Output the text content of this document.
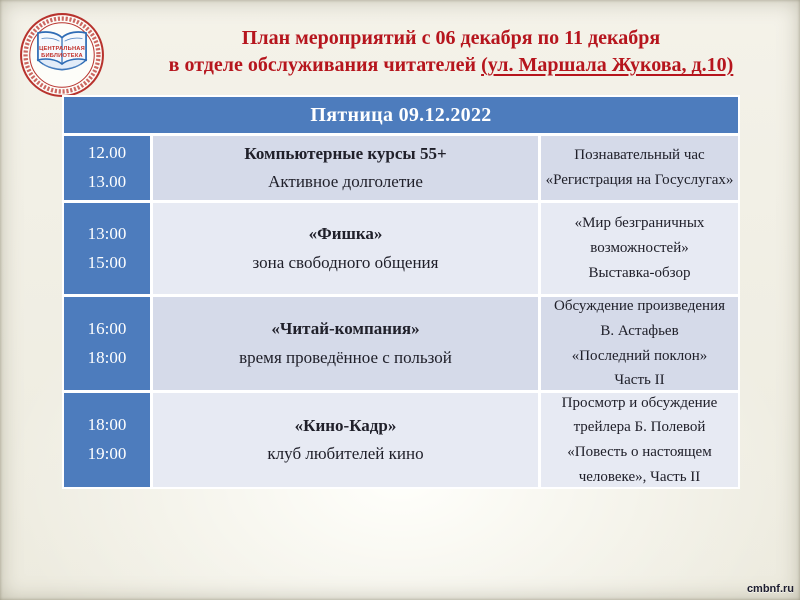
ЦЕНТРАЛЬНАЯ
БИБЛИОТЕКА
План мероприятий с 06 декабря по 11 декабря
в отделе обслуживания читателей (ул. Маршала Жукова, д.10)
Пятница 09.12.2022
12.00
13.00
Компьютерные курсы 55+
Активное долголетие
Познавательный час
«Регистрация на Госуслугах»
13:00
15:00
«Фишка»
зона свободного общения
«Мир безграничных
возможностей»
Выставка-обзор
16:00
18:00
«Читай-компания»
время проведённое с пользой
Обсуждение произведения
В. Астафьев
«Последний поклон»
Часть II
18:00
19:00
«Кино-Кадр»
клуб любителей кино
Просмотр и обсуждение
трейлера Б. Полевой
«Повесть о настоящем
человеке», Часть II
cmbnf.ru
